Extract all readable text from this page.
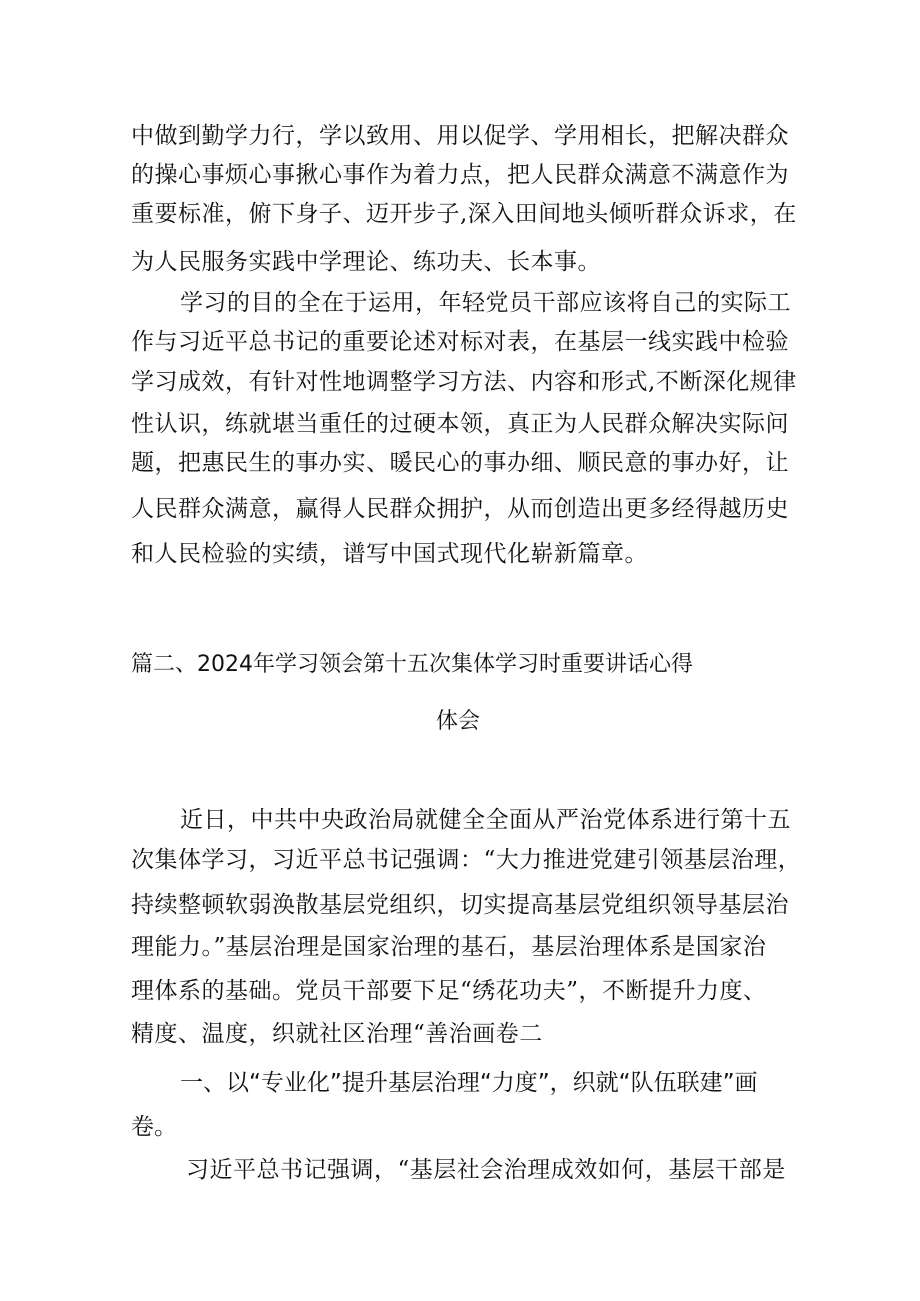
中做到勤学力行，学以致用、用以促学、学用相长，把解决群众
的操心事烦心事揪心事作为着力点，把人民群众满意不满意作为
重要标准，俯下身子、迈开步子,深入田间地头倾听群众诉求，在
为人民服务实践中学理论、练功夫、长本事。
学习的目的全在于运用，年轻党员干部应该将自己的实际工
作与习近平总书记的重要论述对标对表，在基层一线实践中检验
学习成效，有针对性地调整学习方法、内容和形式,不断深化规律
性认识，练就堪当重任的过硬本领，真正为人民群众解决实际问
题，把惠民生的事办实、暖民心的事办细、顺民意的事办好，让
人民群众满意，赢得人民群众拥护，从而创造出更多经得越历史
和人民检验的实绩，谱写中国式现代化崭新篇章。
篇二、2024年学习领会第十五次集体学习时重要讲话心得
体会
近日，中共中央政治局就健全全面从严治党体系进行第十五
次集体学习，习近平总书记强调：“大力推进党建引领基层治理，
持续整顿软弱涣散基层党组织，切实提高基层党组织领导基层治
理能力。”基层治理是国家治理的基石，基层治理体系是国家治
理体系的基础。党员干部要下足“绣花功夫”，不断提升力度、
精度、温度，织就社区治理“善治画卷二
一、以“专业化”提升基层治理“力度”，织就“队伍联建”画
卷。
习近平总书记强调，“基层社会治理成效如何，基层干部是
